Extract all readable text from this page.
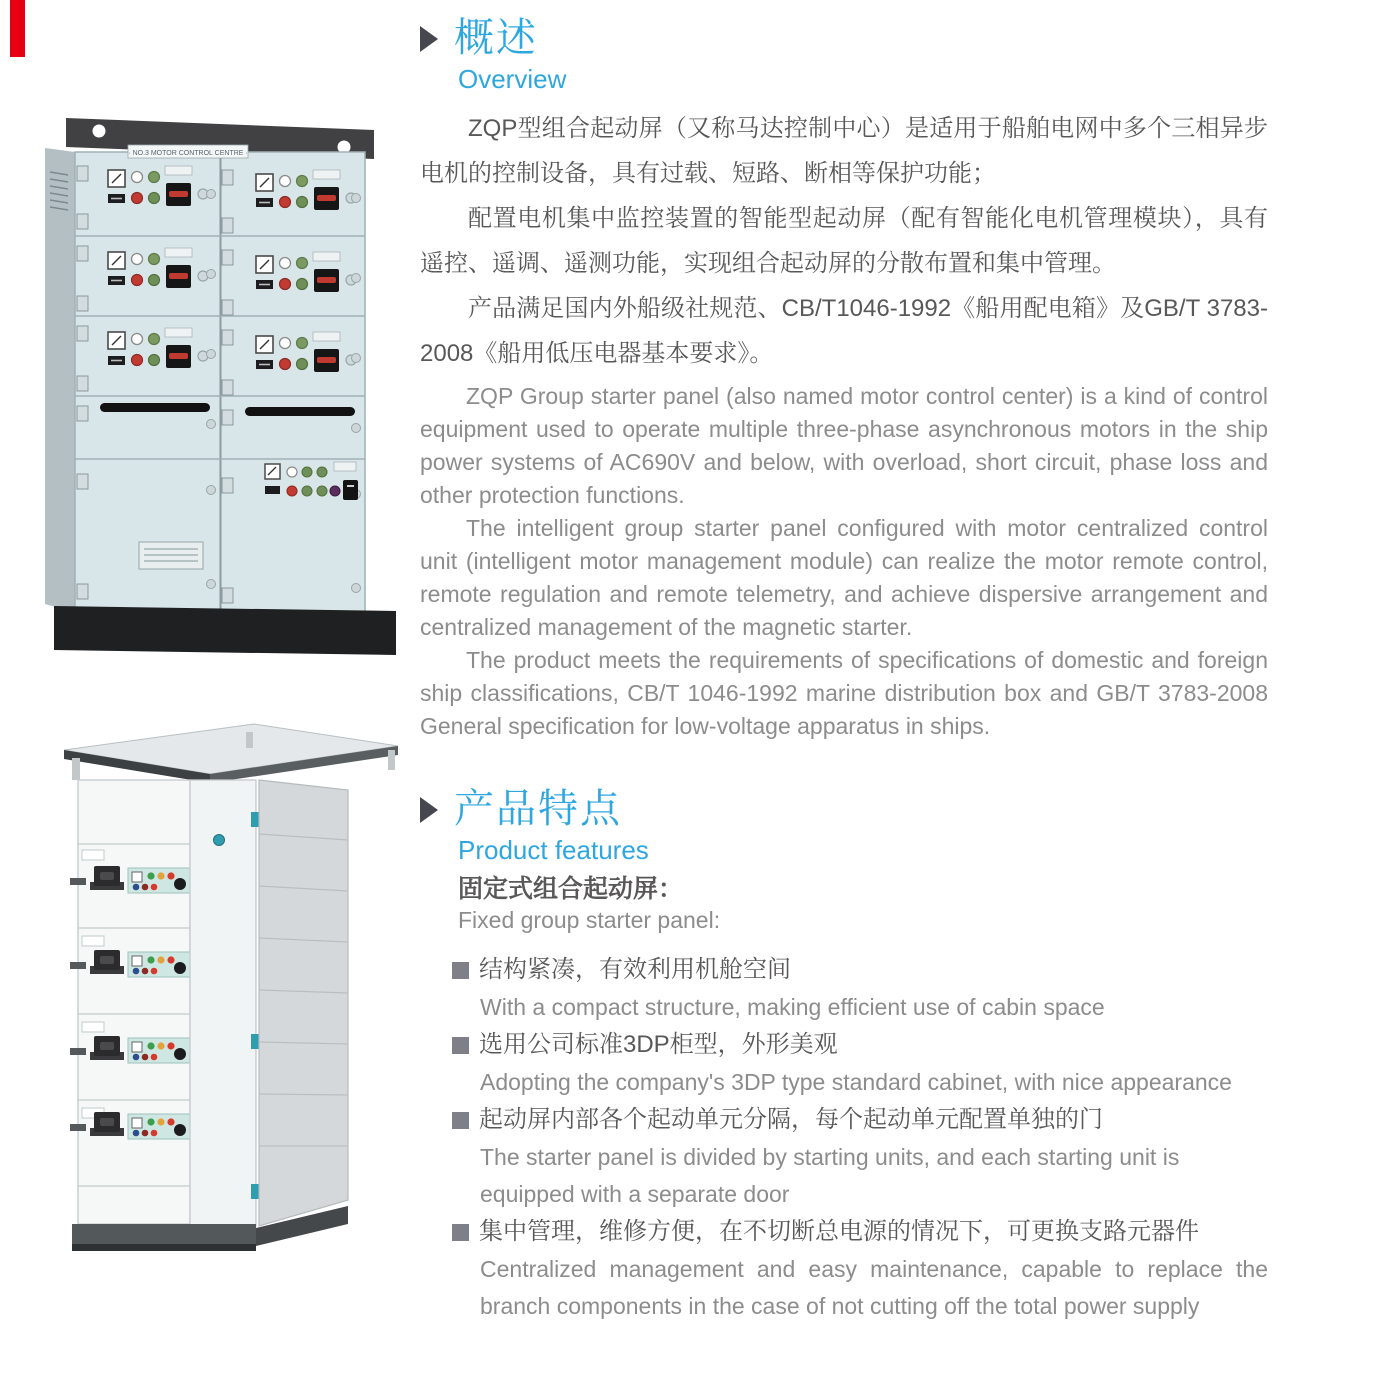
· NO.3 MOTOR CONTROL CENTRE ·
概述
Overview

ZQP型组合起动屏（又称马达控制中心）是适用于船舶电网中多个三相异步电机的控制设备，具有过载、短路、断相等保护功能；

配置电机集中监控装置的智能型起动屏（配有智能化电机管理模块），具有遥控、遥调、遥测功能，实现组合起动屏的分散布置和集中管理。

产品满足国内外船级社规范、CB/T1046-1992《船用配电箱》及GB/T 3783-2008《船用低压电器基本要求》。

ZQP Group starter panel (also named motor control center) is a kind of control equipment used to operate multiple three-phase asynchronous motors in the ship power systems of AC690V and below, with overload, short circuit, phase loss and other protection functions.

The intelligent group starter panel configured with motor centralized control unit (intelligent motor management module) can realize the motor remote control, remote regulation and remote telemetry, and achieve dispersive arrangement and centralized management of the magnetic starter.

The product meets the requirements of specifications of domestic and foreign ship classifications, CB/T 1046-1992 marine distribution box and GB/T 3783-2008 General specification for low-voltage apparatus in ships.

产品特点
Product features

固定式组合起动屏：

Fixed group starter panel:

结构紧凑，有效利用机舱空间

With a compact structure, making efficient use of cabin space

选用公司标准3DP柜型，外形美观

Adopting the company's 3DP type standard cabinet, with nice appearance

起动屏内部各个起动单元分隔，每个起动单元配置单独的门

The starter panel is divided by starting units, and each starting unit is equipped with a separate door

集中管理，维修方便，在不切断总电源的情况下，可更换支路元器件

Centralized management and easy maintenance, capable to replace the branch components in the case of not cutting off the total power supply
